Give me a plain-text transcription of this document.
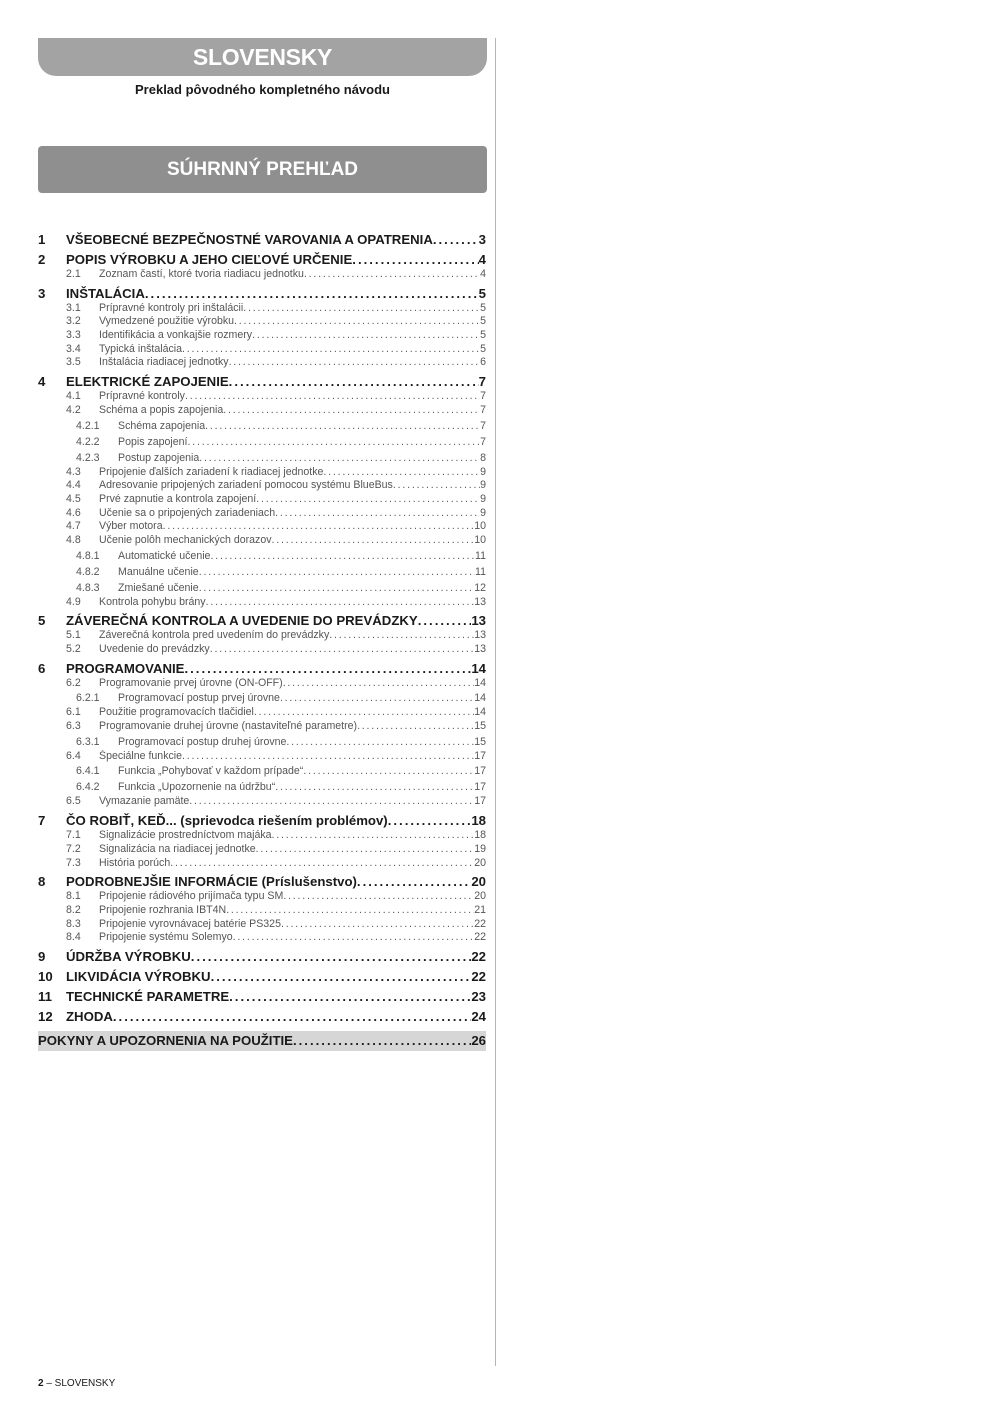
SLOVENSKY
Preklad pôvodného kompletného návodu
SÚHRNNÝ PREHĽAD
1	VŠEOBECNÉ BEZPEČNOSTNÉ VAROVANIA A OPATRENIA .....	3
2	POPIS VÝROBKU A JEHO CIEĽOVÉ URČENIE .....	4
2.1	Zoznam častí, ktoré tvoria riadiacu jednotku .....	4
3	INŠTALÁCIA .....	5
3.1	Prípravné kontroly pri inštalácii .....	5
3.2	Vymedzené použitie výrobku .....	5
3.3	Identifikácia a vonkajšie rozmery .....	5
3.4	Typická inštalácia .....	5
3.5	Inštalácia riadiacej jednotky .....	6
4	ELEKTRICKÉ ZAPOJENIE .....	7
4.1	Prípravné kontroly .....	7
4.2	Schéma a popis zapojenia .....	7
4.2.1	Schéma zapojenia .....	7
4.2.2	Popis zapojení .....	7
4.2.3	Postup zapojenia .....	8
4.3	Pripojenie ďalších zariadení k riadiacej jednotke .....	9
4.4	Adresovanie pripojených zariadení pomocou systému BlueBus .....	9
4.5	Prvé zapnutie a kontrola zapojení .....	9
4.6	Učenie sa o pripojených zariadeniach .....	9
4.7	Výber motora .....	10
4.8	Učenie polôh mechanických dorazov .....	10
4.8.1	Automatické učenie .....	11
4.8.2	Manuálne učenie .....	11
4.8.3	Zmiešané učenie .....	12
4.9	Kontrola pohybu brány .....	13
5	ZÁVEREČNÁ KONTROLA A UVEDENIE DO PREVÁDZKY .....	13
5.1	Záverečná kontrola pred uvedením do prevádzky .....	13
5.2	Uvedenie do prevádzky .....	13
6	PROGRAMOVANIE .....	14
6.2	Programovanie prvej úrovne (ON-OFF) .....	14
6.2.1	Programovací postup prvej úrovne .....	14
6.1	Použitie programovacích tlačidiel .....	14
6.3	Programovanie druhej úrovne (nastaviteľné parametre) .....	15
6.3.1	Programovací postup druhej úrovne .....	15
6.4	Špeciálne funkcie .....	17
6.4.1	Funkcia „Pohybovať v každom prípade“ .....	17
6.4.2	Funkcia „Upozornenie na údržbu“ .....	17
6.5	Vymazanie pamäte .....	17
7	ČO ROBIŤ, KEĎ... (sprievodca riešením problémov) .....	18
7.1	Signalizácie prostredníctvom majáka .....	18
7.2	Signalizácia na riadiacej jednotke .....	19
7.3	História porúch .....	20
8	PODROBNEJŠIE INFORMÁCIE (Príslušenstvo) .....	20
8.1	Pripojenie rádiového prijímača typu SM .....	20
8.2	Pripojenie rozhrania IBT4N .....	21
8.3	Pripojenie vyrovnávacej batérie PS325 .....	22
8.4	Pripojenie systému Solemyo .....	22
9	ÚDRŽBA VÝROBKU .....	22
10	LIKVIDÁCIA VÝROBKU .....	22
11	TECHNICKÉ PARAMETRE .....	23
12	ZHODA .....	24
POKYNY A UPOZORNENIA NA POUŽITIE .....	26
2 – SLOVENSKY
